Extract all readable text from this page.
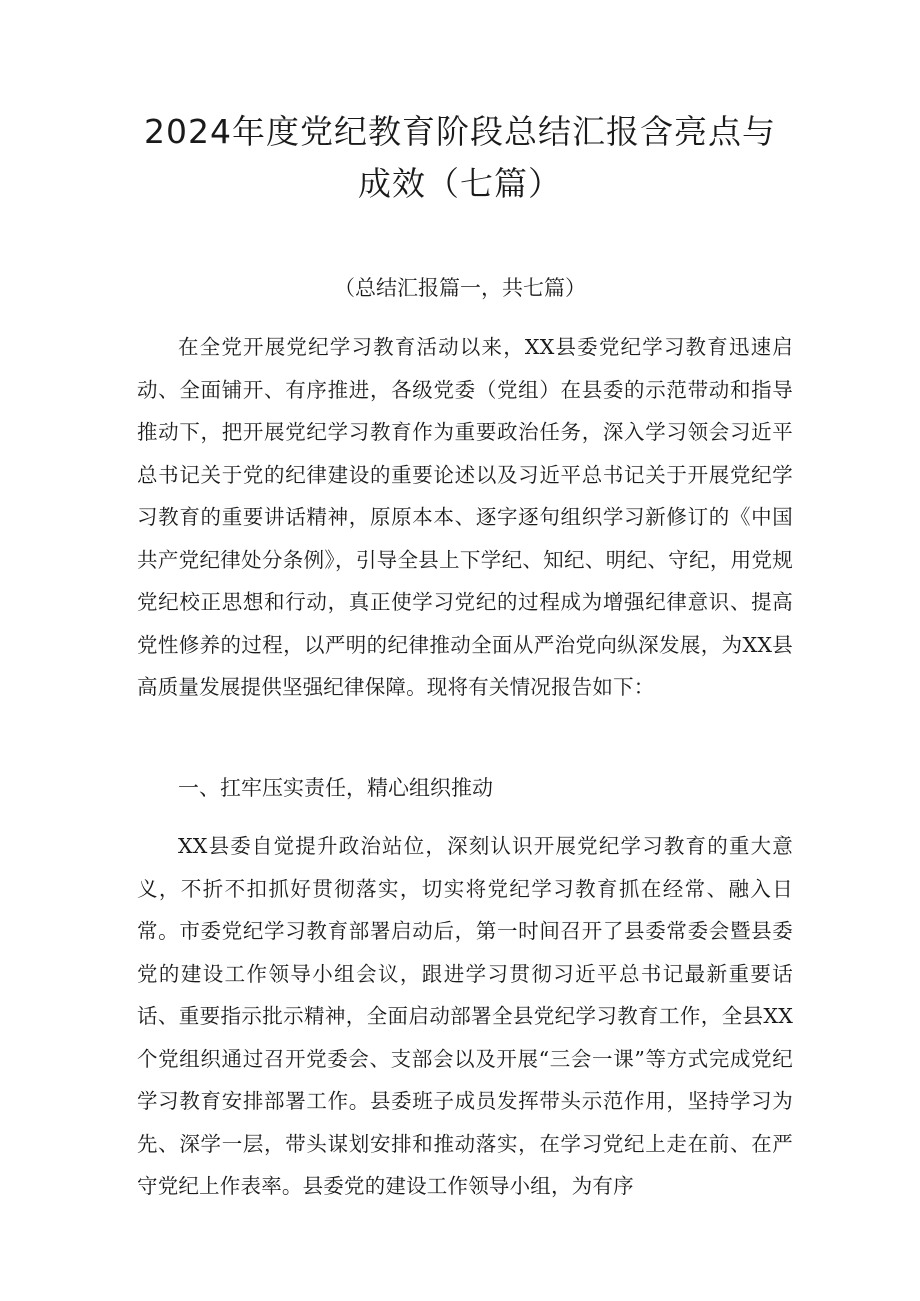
2024年度党纪教育阶段总结汇报含亮点与
成效（七篇）
（总结汇报篇一，共七篇）

在全党开展党纪学习教育活动以来，XX县委党纪学习教育迅速启动、全面铺开、有序推进，各级党委（党组）在县委的示范带动和指导推动下，把开展党纪学习教育作为重要政治任务，深入学习领会习近平总书记关于党的纪律建设的重要论述以及习近平总书记关于开展党纪学习教育的重要讲话精神，原原本本、逐字逐句组织学习新修订的《中国共产党纪律处分条例》，引导全县上下学纪、知纪、明纪、守纪，用党规党纪校正思想和行动，真正使学习党纪的过程成为增强纪律意识、提高党性修养的过程，以严明的纪律推动全面从严治党向纵深发展，为XX县高质量发展提供坚强纪律保障。现将有关情况报告如下：

一、扛牢压实责任，精心组织推动

XX县委自觉提升政治站位，深刻认识开展党纪学习教育的重大意义，不折不扣抓好贯彻落实，切实将党纪学习教育抓在经常、融入日常。市委党纪学习教育部署启动后，第一时间召开了县委常委会暨县委党的建设工作领导小组会议，跟进学习贯彻习近平总书记最新重要话话、重要指示批示精神，全面启动部署全县党纪学习教育工作，全县XX个党组织通过召开党委会、支部会以及开展“三会一课”等方式完成党纪学习教育安排部署工作。县委班子成员发挥带头示范作用，坚持学习为先、深学一层，带头谋划安排和推动落实，在学习党纪上走在前、在严守党纪上作表率。县委党的建设工作领导小组，为有序
